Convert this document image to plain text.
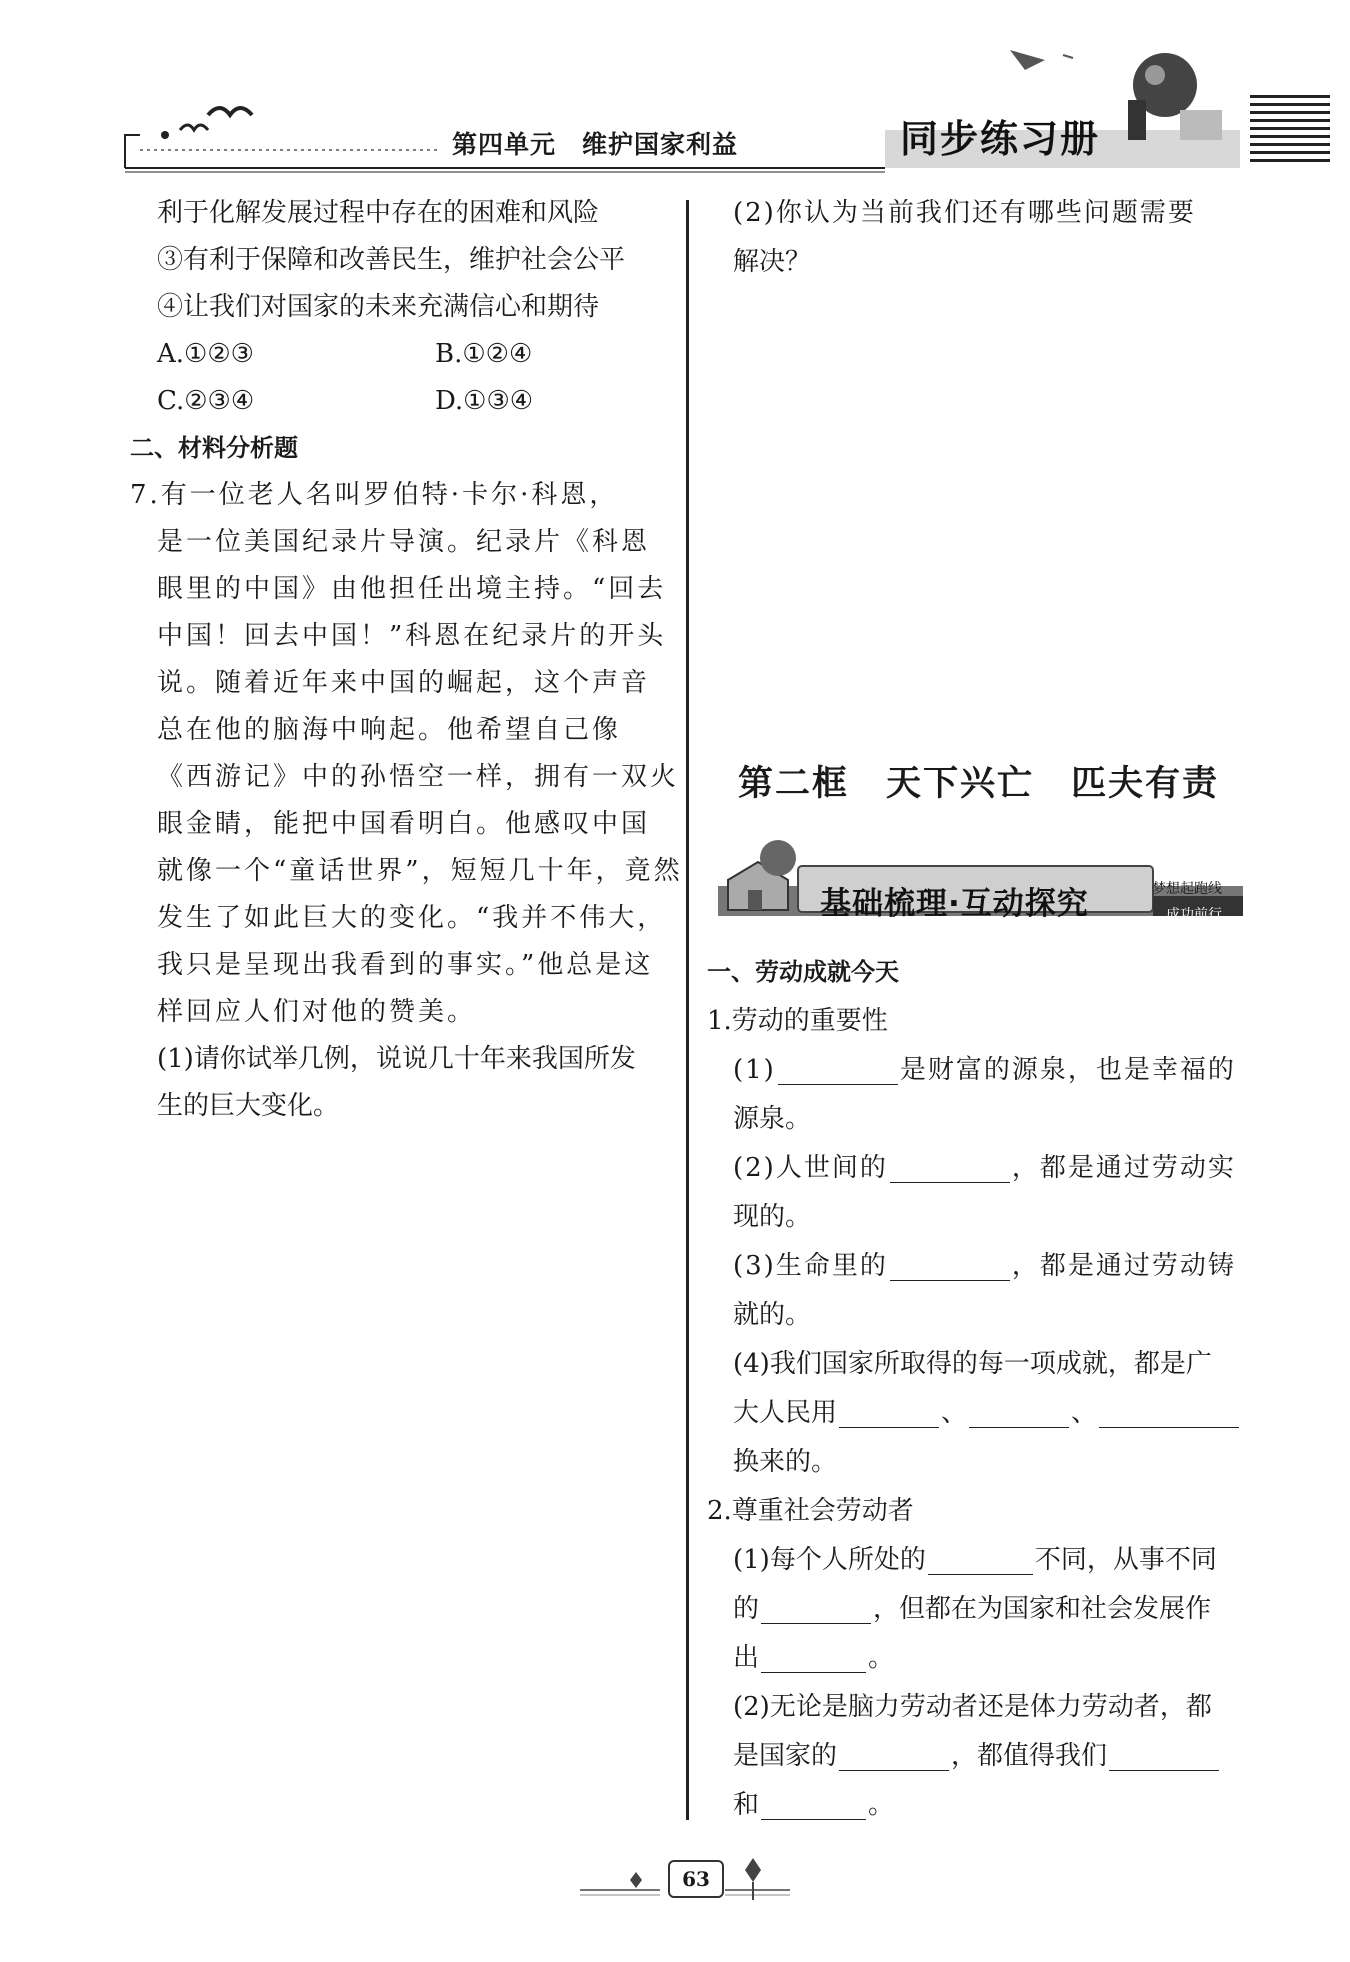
第四单元　维护国家利益	同步练习册
利于化解发展过程中存在的困难和风险
③有利于保障和改善民生，维护社会公平
④让我们对国家的未来充满信心和期待
A.①②③	B.①②④
C.②③④	D.①③④
二、材料分析题
7.有一位老人名叫罗伯特·卡尔·科恩，
是一位美国纪录片导演。纪录片《科恩
眼里的中国》由他担任出境主持。“回去
中国！回去中国！”科恩在纪录片的开头
说。随着近年来中国的崛起，这个声音
总在他的脑海中响起。他希望自己像
《西游记》中的孙悟空一样，拥有一双火
眼金睛，能把中国看明白。他感叹中国
就像一个“童话世界”，短短几十年，竟然
发生了如此巨大的变化。“我并不伟大，
我只是呈现出我看到的事实。”他总是这
样回应人们对他的赞美。
(1)请你试举几例，说说几十年来我国所发
生的巨大变化。
(2)你认为当前我们还有哪些问题需要
解决？
第二框　天下兴亡　匹夫有责
基础梳理·互动探究	梦想起跑线
成功前行
一、劳动成就今天
1.劳动的重要性
(1)	是财富的源泉，也是幸福的
源泉。
(2)人世间的	，都是通过劳动实
现的。
(3)生命里的	，都是通过劳动铸
就的。
(4)我们国家所取得的每一项成就，都是广
大人民用	、	、
换来的。
2.尊重社会劳动者
(1)每个人所处的	不同，从事不同
的	，但都在为国家和社会发展作
出	。
(2)无论是脑力劳动者还是体力劳动者，都
是国家的	，都值得我们
和	。
63
